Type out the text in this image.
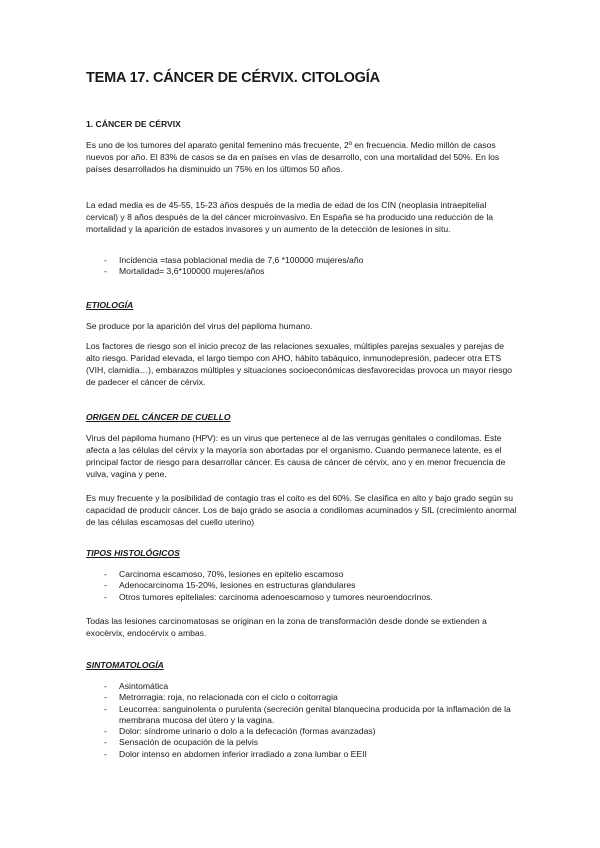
TEMA 17. CÁNCER DE CÉRVIX. CITOLOGÍA
1. CÁNCER DE CÉRVIX

Es uno de los tumores del aparato genital femenino más frecuente, 2º en frecuencia. Medio millón de casos nuevos por año. El 83% de casos se da en países en vías de desarrollo, con una mortalidad del 50%. En los países desarrollados ha disminuido un 75% en los últimos 50 años.

La edad media es de 45-55, 15-23 años después de la media de edad de los CIN (neoplasia intraepitelial cervical) y 8 años después de la del cáncer microinvasivo. En España se ha producido una reducción de la mortalidad y la aparición de estados invasores y un aumento de la detección de lesiones in situ.

- Incidencia =tasa poblacional media de 7,6 *100000 mujeres/año
- Mortalidad= 3,6*100000 mujeres/años
ETIOLOGÍA

Se produce por la aparición del virus del papiloma humano.

Los factores de riesgo son el inicio precoz de las relaciones sexuales, múltiples parejas sexuales y parejas de alto riesgo. Paridad elevada, el largo tiempo con AHO, hábito tabáquico, inmunodepresión, padecer otra ETS (VIH, clamidia…), embarazos múltiples y situaciones socioeconómicas desfavorecidas provoca un mayor riesgo de padecer el cáncer de cérvix.

ORIGEN DEL CÁNCER DE CUELLO

Virus del papiloma humano (HPV): es un virus que pertenece al de las verrugas genitales o condilomas. Este afecta a las células del cérvix y la mayoría son abortadas por el organismo. Cuando permanece latente, es el principal factor de riesgo para desarrollar cáncer. Es causa de cáncer de cérvix, ano y en menor frecuencia de vulva, vagina y pene.

Es muy frecuente y la posibilidad de contagio tras el coito es del 60%. Se clasifica en alto y bajo grado según su capacidad de producir cáncer. Los de bajo grado se asocia a condilomas acuminados y SIL (crecimiento anormal de las células escamosas del cuello uterino)

TIPOS HISTOLÓGICOS
- Carcinoma escamoso, 70%, lesiones en epitelio escamoso
- Adenocarcinoma 15-20%, lesiones en estructuras glandulares
- Otros tumores epiteliales: carcinoma adenoescamoso y tumores neuroendocrinos.

Todas las lesiones carcinomatosas se originan en la zona de transformación desde donde se extienden a exocérvix, endocérvix o ambas.

SINTOMATOLOGÍA
- Asintomática
- Metrorragia: roja, no relacionada con el ciclo o coitorragia
- Leucorrea: sanguinolenta o purulenta (secreción genital blanquecina producida por la inflamación de la membrana mucosa del útero y la vagina.
- Dolor: síndrome urinario o dolo a la defecación (formas avanzadas)
- Sensación de ocupación de la pelvis
- Dolor intenso en abdomen inferior irradiado a zona lumbar o EEII
